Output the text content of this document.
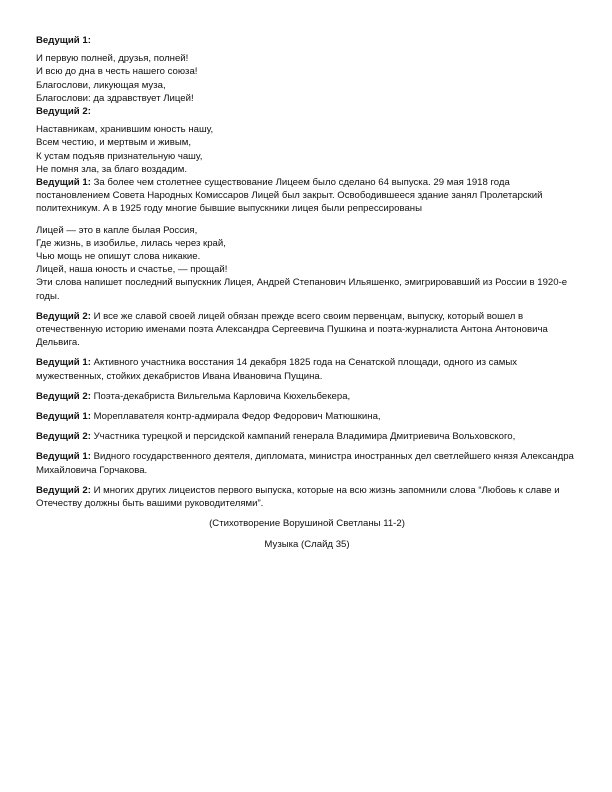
Ведущий 1:

И первую полней, друзья, полней!
И всю до дна в честь нашего союза!
Благослови, ликующая муза,
Благослови: да здравствует Лицей!

Ведущий 2:

Наставникам, хранившим юность нашу,
Всем честию, и мертвым и живым,
К устам подъяв признательную чашу,
Не помня зла, за благо воздадим.

Ведущий 1: За более чем столетнее существование Лицеем было сделано 64 выпуска. 29 мая 1918 года постановлением Совета Народных Комиссаров Лицей был закрыт. Освободившееся здание занял Пролетарский политехникум. А в 1925 году многие бывшие выпускники лицея были репрессированы

Лицей — это в капле былая Россия,
Где жизнь, в изобилье, лилась через край,
Чью мощь не опишут слова никакие.
Лицей, наша юность и счастье, — прощай!

Эти слова напишет последний выпускник Лицея, Андрей Степанович Ильяшенко, эмигрировавший из России в 1920-е годы.

Ведущий 2: И все же славой своей лицей обязан прежде всего своим первенцам, выпуску, который вошел в отечественную историю именами поэта Александра Сергеевича Пушкина и поэта-журналиста Антона Антоновича Дельвига.

Ведущий 1: Активного участника восстания 14 декабря 1825 года на Сенатской площади, одного из самых мужественных, стойких декабристов Ивана Ивановича Пущина.

Ведущий 2: Поэта-декабриста Вильгельма Карловича Кюхельбекера,

Ведущий 1: Мореплавателя контр-адмирала Федор Федорович Матюшкина,

Ведущий 2: Участника турецкой и персидской кампаний генерала Владимира Дмитриевича Вольховского,

Ведущий 1: Видного государственного деятеля, дипломата, министра иностранных дел светлейшего князя Александра Михайловича Горчакова.

Ведущий 2: И многих других лицеистов первого выпуска, которые на всю жизнь запомнили слова “Любовь к славе и Отечеству должны быть вашими руководителями”.

(Стихотворение Ворушиной Светланы 11-2)

Музыка (Слайд 35)
